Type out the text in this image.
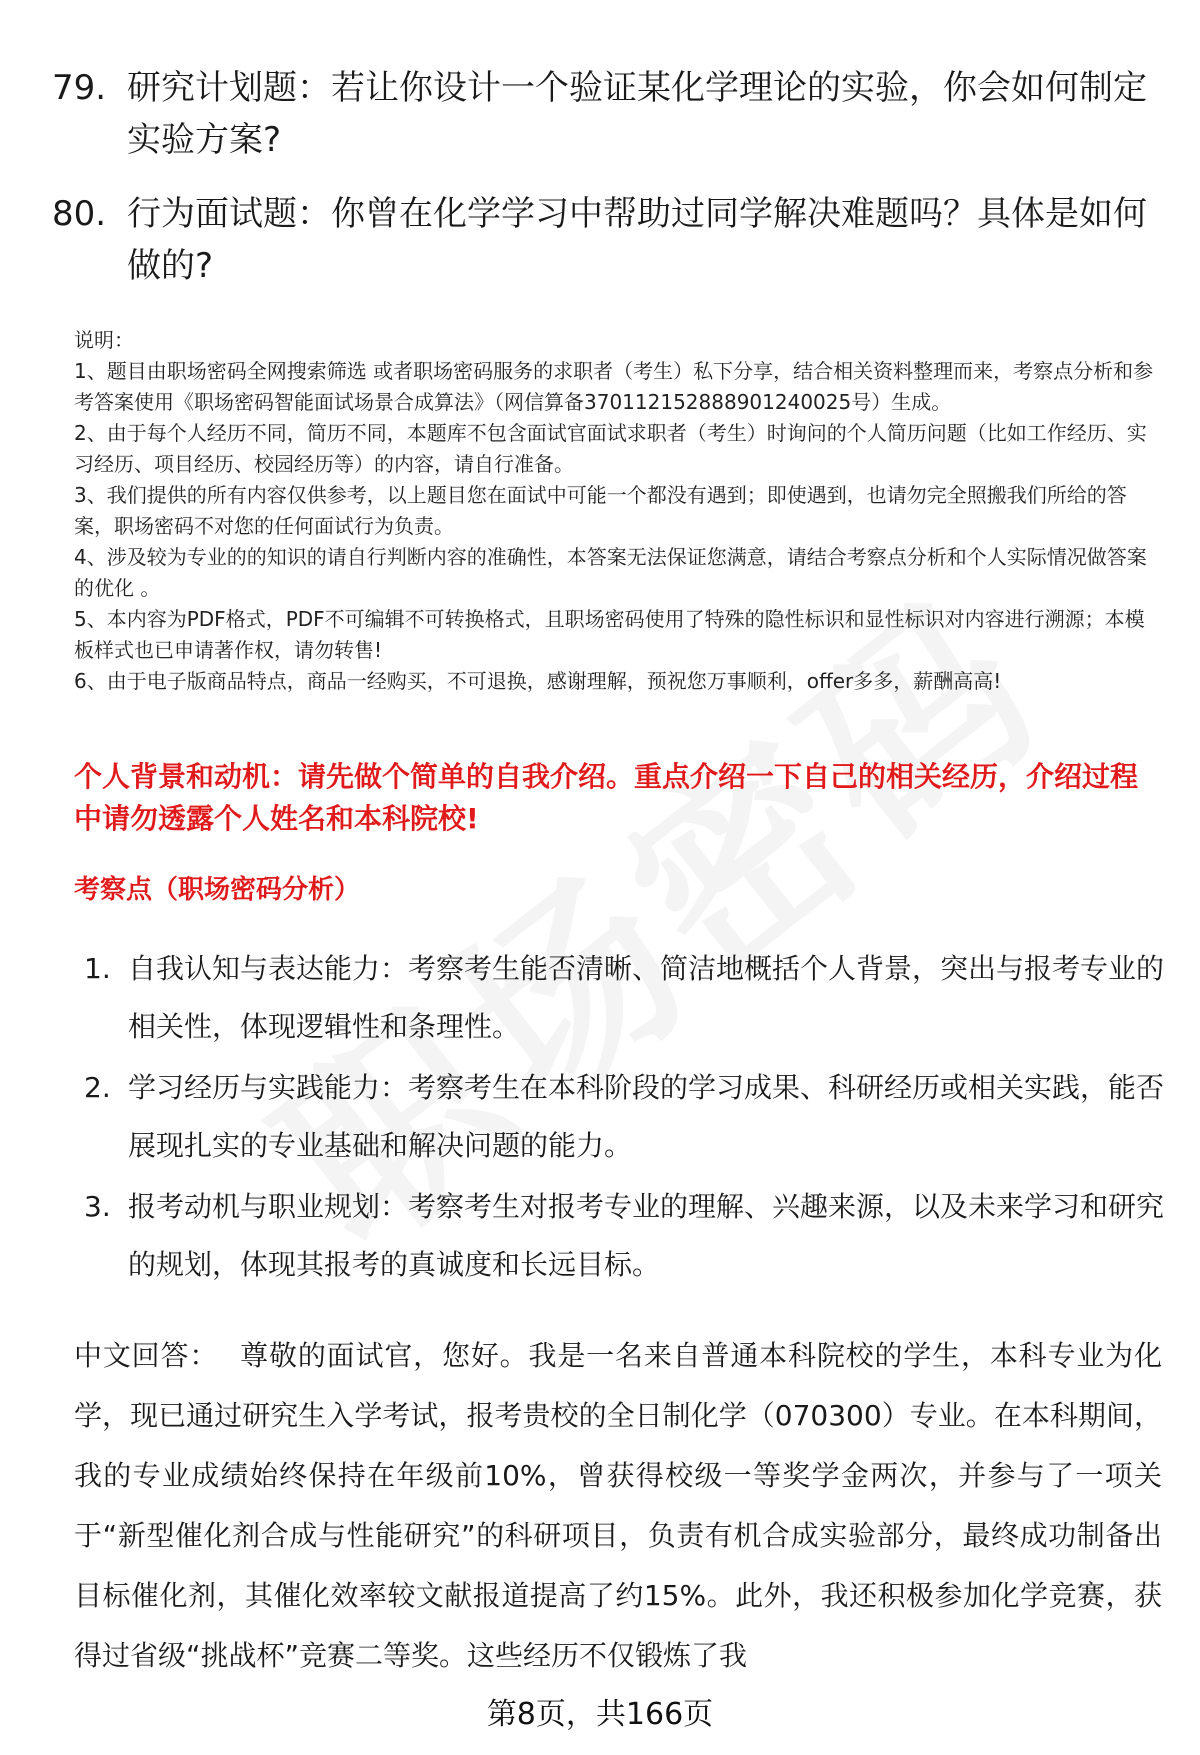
79. 研究计划题：若让你设计一个验证某化学理论的实验，你会如何制定实验方案?
80. 行为面试题：你曾在化学学习中帮助过同学解决难题吗？具体是如何做的?

说明：

1、题目由职场密码全网搜索筛选 或者职场密码服务的求职者（考生）私下分享，结合相关资料整理而来，考察点分析和参考答案使用《职场密码智能面试场景合成算法》（网信算备370112152888901240025号）生成。

2、由于每个人经历不同，简历不同，本题库不包含面试官面试求职者（考生）时询问的个人简历问题（比如工作经历、实习经历、项目经历、校园经历等）的内容，请自行准备。

3、我们提供的所有内容仅供参考，以上题目您在面试中可能一个都没有遇到；即使遇到，也请勿完全照搬我们所给的答案，职场密码不对您的任何面试行为负责。

4、涉及较为专业的的知识的请自行判断内容的准确性，本答案无法保证您满意，请结合考察点分析和个人实际情况做答案的优化 。

5、本内容为PDF格式，PDF不可编辑不可转换格式，且职场密码使用了特殊的隐性标识和显性标识对内容进行溯源；本模板样式也已申请著作权，请勿转售!

6、由于电子版商品特点，商品一经购买，不可退换，感谢理解，预祝您万事顺利，offer多多，薪酬高高!

个人背景和动机：请先做个简单的自我介绍。重点介绍一下自己的相关经历，介绍过程中请勿透露个人姓名和本科院校!
考察点（职场密码分析）
1. 自我认知与表达能力：考察考生能否清晰、简洁地概括个人背景，突出与报考专业的相关性，体现逻辑性和条理性。
2. 学习经历与实践能力：考察考生在本科阶段的学习成果、科研经历或相关实践，能否展现扎实的专业基础和解决问题的能力。
3. 报考动机与职业规划：考察考生对报考专业的理解、兴趣来源，以及未来学习和研究的规划，体现其报考的真诚度和长远目标。
中文回答： 尊敬的面试官，您好。我是一名来自普通本科院校的学生，本科专业为化学，现已通过研究生入学考试，报考贵校的全日制化学（070300）专业。在本科期间，我的专业成绩始终保持在年级前10%，曾获得校级一等奖学金两次，并参与了一项关于“新型催化剂合成与性能研究”的科研项目，负责有机合成实验部分，最终成功制备出目标催化剂，其催化效率较文献报道提高了约15%。此外，我还积极参加化学竞赛，获得过省级“挑战杯”竞赛二等奖。这些经历不仅锻炼了我
第8页，共166页
